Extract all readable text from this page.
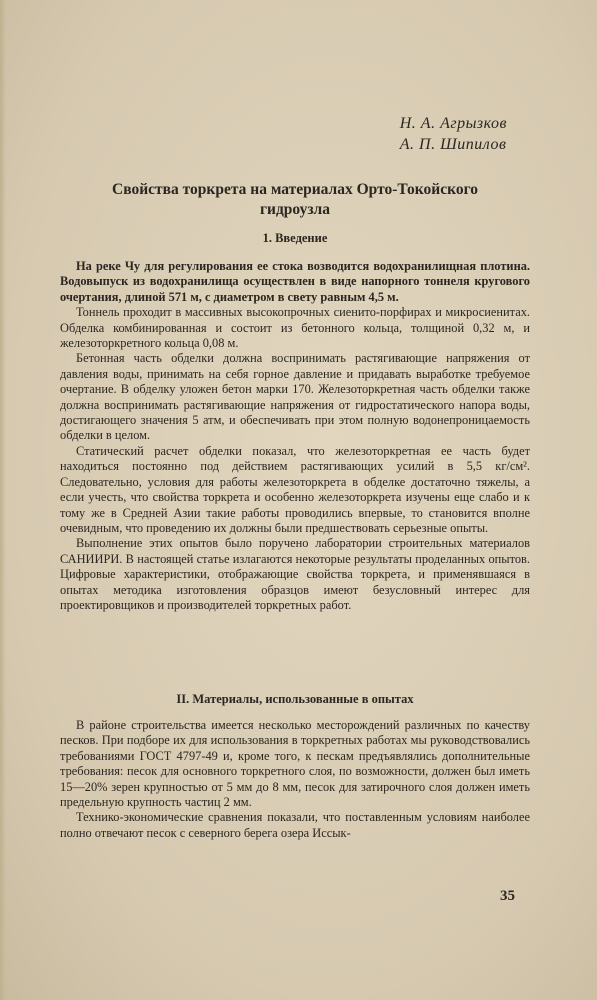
Н. А. Агрызков
А. П. Шипилов
Свойства торкрета на материалах Орто-Токойского
гидроузла
1. Введение

На реке Чу для регулирования ее стока возводится водохранилищная плотина. Водовыпуск из водохранилища осуществлен в виде напорного тоннеля кругового очертания, длиной 571 м, с диаметром в свету равным 4,5 м.

Тоннель проходит в массивных высокопрочных сиенито-порфирах и микросиенитах. Обделка комбинированная и состоит из бетонного кольца, толщиной 0,32 м, и железоторкретного кольца 0,08 м.

Бетонная часть обделки должна воспринимать растягивающие напряжения от давления воды, принимать на себя горное давление и придавать выработке требуемое очертание. В обделку уложен бетон марки 170. Железоторкретная часть обделки также должна воспринимать растягивающие напряжения от гидростатического напора воды, достигающего значения 5 атм, и обеспечивать при этом полную водонепроницаемость обделки в целом.

Статический расчет обделки показал, что железоторкретная ее часть будет находиться постоянно под действием растягивающих усилий в 5,5 кг/см². Следовательно, условия для работы железоторкрета в обделке достаточно тяжелы, а если учесть, что свойства торкрета и особенно железоторкрета изучены еще слабо и к тому же в Средней Азии такие работы проводились впервые, то становится вполне очевидным, что проведению их должны были предшествовать серьезные опыты.

Выполнение этих опытов было поручено лаборатории строительных материалов САНИИРИ. В настоящей статье излагаются некоторые результаты проделанных опытов. Цифровые характеристики, отображающие свойства торкрета, и применявшаяся в опытах методика изготовления образцов имеют безусловный интерес для проектировщиков и производителей торкретных работ.

II. Материалы, использованные в опытах

В районе строительства имеется несколько месторождений различных по качеству песков. При подборе их для использования в торкретных работах мы руководствовались требованиями ГОСТ 4797-49 и, кроме того, к пескам предъявлялись дополнительные требования: песок для основного торкретного слоя, по возможности, должен был иметь 15—20% зерен крупностью от 5 мм до 8 мм, песок для затирочного слоя должен иметь предельную крупность частиц 2 мм.

Технико-экономические сравнения показали, что поставленным условиям наиболее полно отвечают песок с северного берега озера Иссык-

35
